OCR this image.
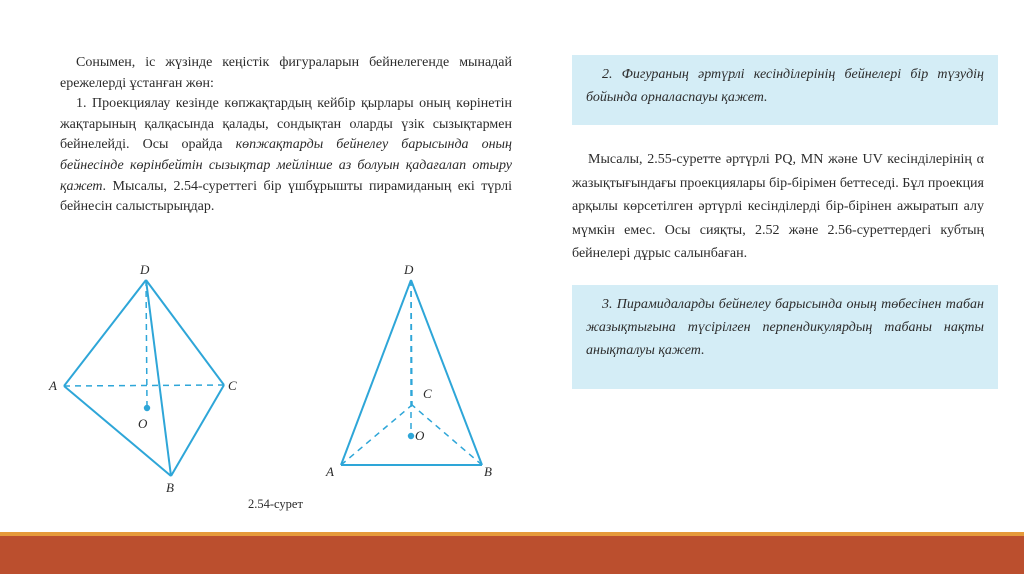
Сонымен, іс жүзінде кеңістік фигураларын бейнелегенде мынадай ережелерді ұстанған жөн:
1. Проекциялау кезінде көпжақтардың кейбір қырлары оның көрінетін жақтарының қалқасында қалады, сондықтан оларды үзік сызықтармен бейнелейді. Осы орайда көпжақтарды бейнелеу барысында оның бейнесінде көрінбейтін сызықтар мейлінше аз болуын қадағалап отыру қажет. Мысалы, 2.54-суреттегі бір үшбұрышты пирамиданың екі түрлі бейнесін салыстырыңдар.

D
A	C
O
B
D
C
O
A	B
2.54-сурет
2. Фигураның әртүрлі кесінділерінің бейнелері бір түзудің бойында орналаспауы қажет.

Мысалы, 2.55-суретте әртүрлі PQ, MN және UV кесінділерінің α жазықтығындағы проекциялары бір-бірімен беттеседі. Бұл проекция арқылы көрсетілген әртүрлі кесінділерді бір-бірінен ажыратып алу мүмкін емес. Осы сияқты, 2.52 және 2.56-суреттердегі кубтың бейнелері дұрыс салынбаған.

3. Пирамидаларды бейнелеу барысында оның төбесінен табан жазықтығына түсірілген перпендикулярдың табаны нақты анықталуы қажет.
